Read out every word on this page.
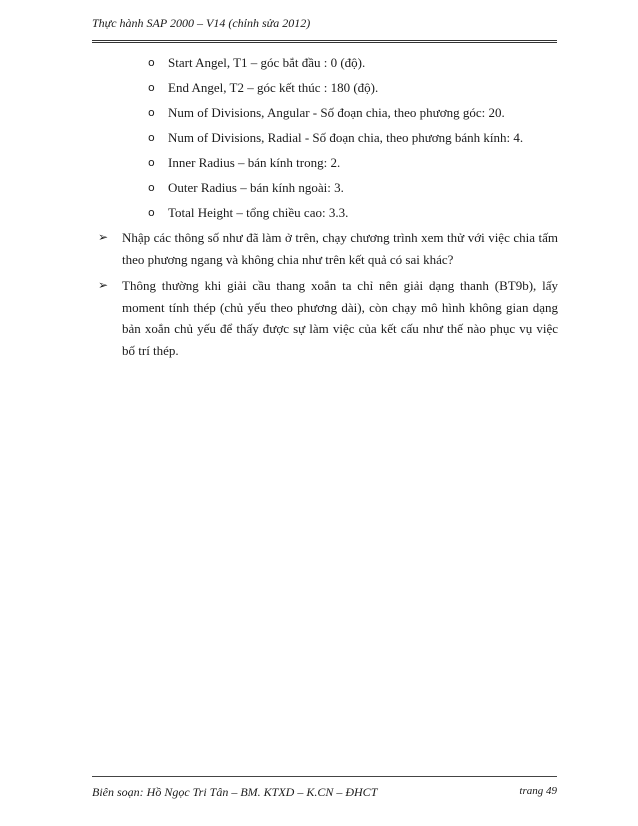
Thực hành SAP 2000 – V14 (chỉnh sửa 2012)
o Start Angel, T1 – góc bắt đầu : 0 (độ).
o End Angel, T2 – góc kết thúc : 180 (độ).
o Num of Divisions, Angular - Số đoạn chia, theo phương góc: 20.
o Num of Divisions, Radial - Số đoạn chia, theo phương bánh kính: 4.
o Inner Radius – bán kính trong: 2.
o Outer Radius – bán kính ngoài: 3.
o Total Height – tổng chiều cao: 3.3.
➢ Nhập các thông số như đã làm ở trên, chạy chương trình xem thử với việc chia tấm theo phương ngang và không chia như trên kết quả có sai khác?
➢ Thông thường khi giải cầu thang xoắn ta chỉ nên giải dạng thanh (BT9b), lấy moment tính thép (chủ yếu theo phương dài), còn chạy mô hình không gian dạng bản xoắn chủ yếu để thấy được sự làm việc của kết cấu như thế nào phục vụ việc bố trí thép.
Biên soạn: Hồ Ngọc Tri Tân – BM. KTXD – K.CN – ĐHCT	trang 49
